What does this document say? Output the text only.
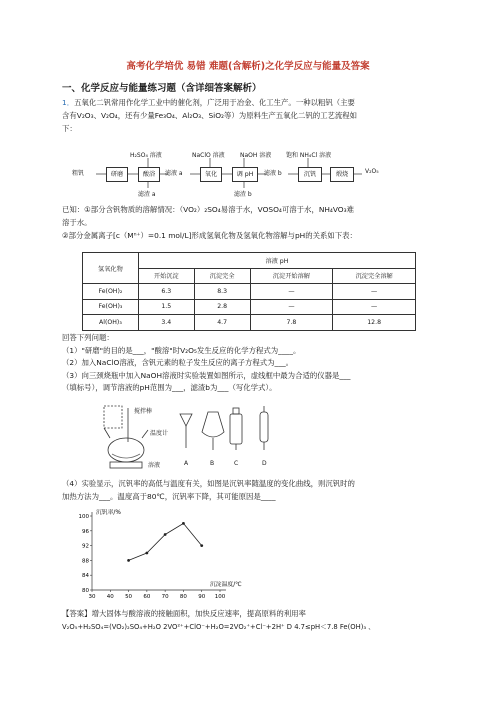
高考化学培优 易错 难题(含解析)之化学反应与能量及答案
一、化学反应与能量练习题（含详细答案解析）
1．五氧化二钒常用作化学工业中的催化剂，广泛用于冶金、化工生产。一种以粗钒（主要
含有V₂O₃、V₂O₄，还有少量Fe₃O₄、Al₂O₃、SiO₂等）为原料生产五氧化二钒的工艺流程如
下：
粗钒	研磨	酸浴	滤液 a	氧化	调 pH	滤液 b	沉钒	煅烧	V₂O₅
H₂SO₄ 溶液	NaClO 溶液	NaOH 溶液 饱和 NH₄Cl 溶液
滤渣 a	滤渣 b
已知：①部分含钒物质的溶解情况：（VO₂）₂SO₄易溶于水，VOSO₄可溶于水，NH₄VO₃难
溶于水。
②部分金属离子[c（Mⁿ⁺）=0.1 mol/L]形成氢氧化物及氢氧化物溶解与pH的关系如下表：
氢氧化物	溶液 pH			
	开始沉淀	沉淀完全	沉淀开始溶解	沉淀完全溶解
Fe(OH)₂	6.3	8.3	—	—
Fe(OH)₃	1.5	2.8	—	—
Al(OH)₃	3.4	4.7	7.8	12.8
回答下列问题：
（1）"研磨"的目的是___，"酸溶"时V₂O₅发生反应的化学方程式为____。
（2）加入NaClO溶液，含钒元素的粒子发生反应的离子方程式为___。
（3）向三颈烧瓶中加入NaOH溶液时实验装置如图所示，虚线框中最为合适的仪器是___
（填标号），调节溶液的pH范围为___，滤渣b为___（写化学式）。
搅拌棒
温度计
溶液	A	B	C	D
（4）实验显示，沉钒率的高低与温度有关，如图是沉钒率随温度的变化曲线，则沉钒时的
加热方法为___。温度高于80℃，沉钒率下降，其可能原因是____
80
84
88
92
96
100
30 40 50 60 70 80 90 100
沉钒率/%
沉淀温度/℃
【答案】增大固体与酸溶液的接触面积，加快反应速率，提高原料的利用率
V₂O₅+H₂SO₄=(VO₂)₂SO₄+H₂O 2VO²⁺+ClO⁻+H₂O=2VO₂⁺+Cl⁻+2H⁺ D 4.7≤pH＜7.8 Fe(OH)₃ 、
